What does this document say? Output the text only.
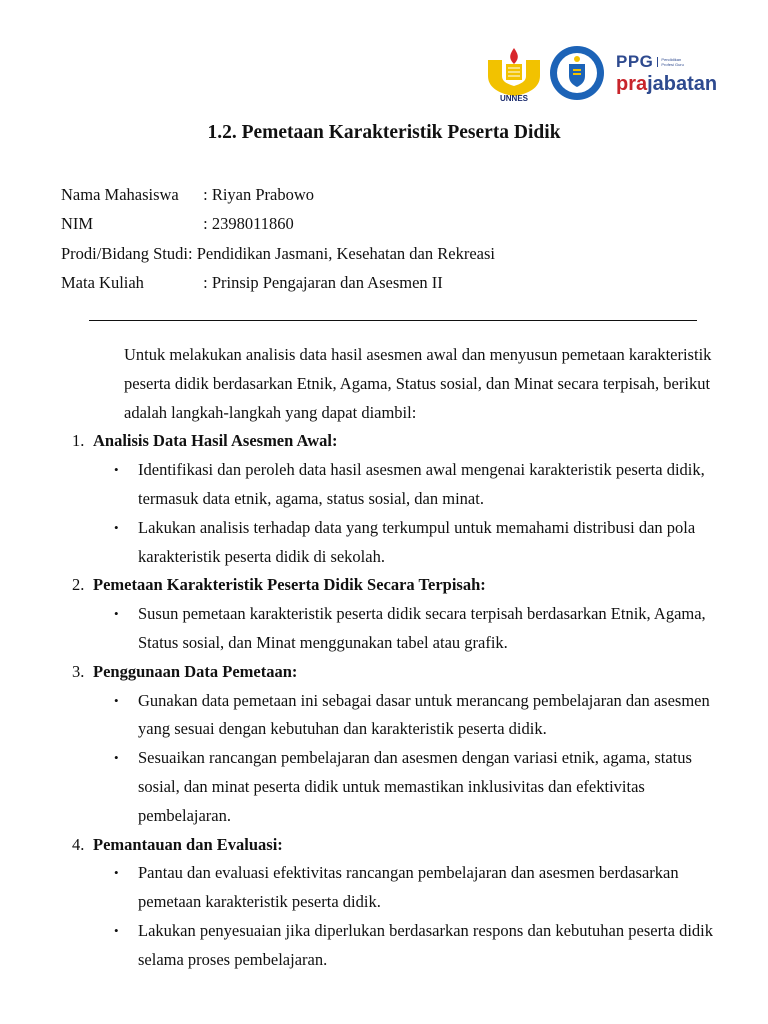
UNNES
PPG	Pendidikan Profesi Guru
prajabatan
1.2. Pemetaan Karakteristik Peserta Didik
Nama Mahasiswa
	: Riyan Prabowo
NIM
	: 2398011860
Prodi/Bidang Studi : Pendidikan Jasmani, Kesehatan dan Rekreasi
Mata Kuliah
	: Prinsip Pengajaran dan Asesmen II

Untuk melakukan analisis data hasil asesmen awal dan menyusun pemetaan karakteristik peserta didik berdasarkan Etnik, Agama, Status sosial, dan Minat secara terpisah, berikut adalah langkah-langkah yang dapat diambil:

1. Analisis Data Hasil Asesmen Awal:
•	Identifikasi dan peroleh data hasil asesmen awal mengenai karakteristik peserta didik, termasuk data etnik, agama, status sosial, dan minat.
•	Lakukan analisis terhadap data yang terkumpul untuk memahami distribusi dan pola karakteristik peserta didik di sekolah.
2. Pemetaan Karakteristik Peserta Didik Secara Terpisah:
•	Susun pemetaan karakteristik peserta didik secara terpisah berdasarkan Etnik, Agama, Status sosial, dan Minat menggunakan tabel atau grafik.
3. Penggunaan Data Pemetaan:
•	Gunakan data pemetaan ini sebagai dasar untuk merancang pembelajaran dan asesmen yang sesuai dengan kebutuhan dan karakteristik peserta didik.
•	Sesuaikan rancangan pembelajaran dan asesmen dengan variasi etnik, agama, status sosial, dan minat peserta didik untuk memastikan inklusivitas dan efektivitas pembelajaran.
4. Pemantauan dan Evaluasi:
•	Pantau dan evaluasi efektivitas rancangan pembelajaran dan asesmen berdasarkan pemetaan karakteristik peserta didik.
•	Lakukan penyesuaian jika diperlukan berdasarkan respons dan kebutuhan peserta didik selama proses pembelajaran.
